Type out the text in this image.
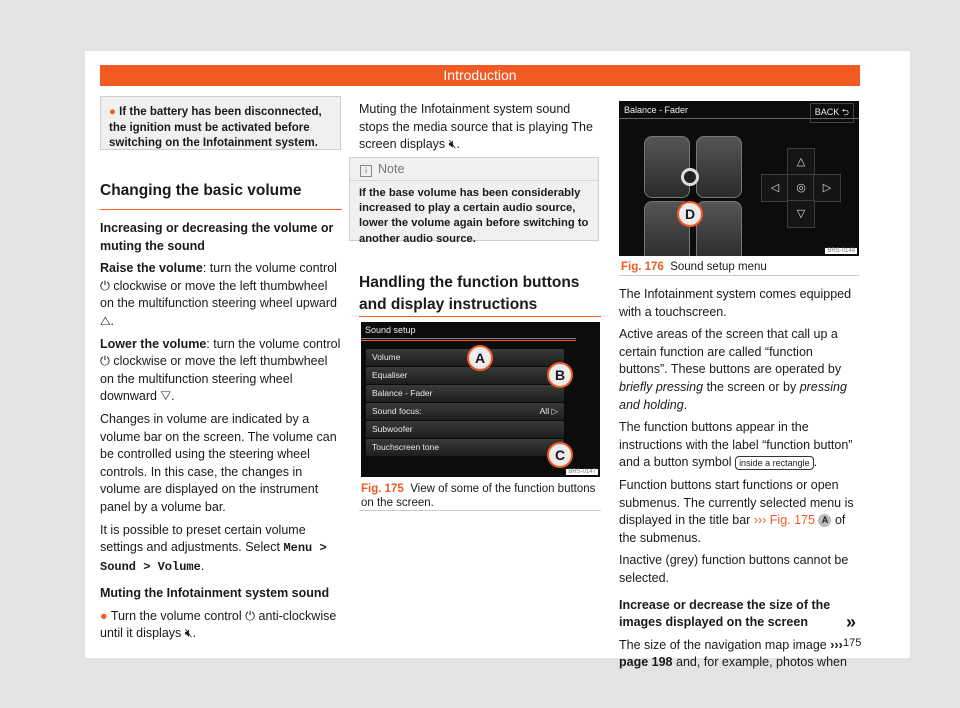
Introduction
● If the battery has been disconnected, the ignition must be activated before switching on the Infotainment system.
Changing the basic volume

Increasing or decreasing the volume or muting the sound

Raise the volume: turn the volume control ⏻ clockwise or move the left thumbwheel on the multifunction steering wheel upward △.

Lower the volume: turn the volume control ⏻ clockwise or move the left thumbwheel on the multifunction steering wheel downward ▽.

Changes in volume are indicated by a volume bar on the screen. The volume can be controlled using the steering wheel controls. In this case, the changes in volume are displayed on the instrument panel by a volume bar.

It is possible to preset certain volume settings and adjustments. Select Menu > Sound > Volume.

Muting the Infotainment system sound

● Turn the volume control ⏻ anti-clockwise until it displays 🔇︎.

Muting the Infotainment system sound stops the media source that is playing The screen displays 🔇︎.
i Note
If the base volume has been considerably increased to play a certain audio source, lower the volume again before switching to another audio source.
Handling the function buttons and display instructions
Sound setup
Volume
Equaliser
Balance - Fader
Sound focus:	All ▷
Subwoofer
Touchscreen tone
A
B
C
BRS-0147
Fig. 175 View of some of the function buttons on the screen.
Balance - Fader	BACK ⮌
D
△
◁	◎	▷
▽
BRS-0148
Fig. 176 Sound setup menu

The Infotainment system comes equipped with a touchscreen.

Active areas of the screen that call up a certain function are called “function buttons”. These buttons are operated by briefly pressing the screen or by pressing and holding.

The function buttons appear in the instructions with the label “function button” and a button symbol inside a rectangle .

Function buttons start functions or open submenus. The currently selected menu is displayed in the title bar ››› Fig. 175 A of the submenus.

Inactive (grey) function buttons cannot be selected.

Increase or decrease the size of the images displayed on the screen

The size of the navigation map image ››› page 198 and, for example, photos when

»
175
